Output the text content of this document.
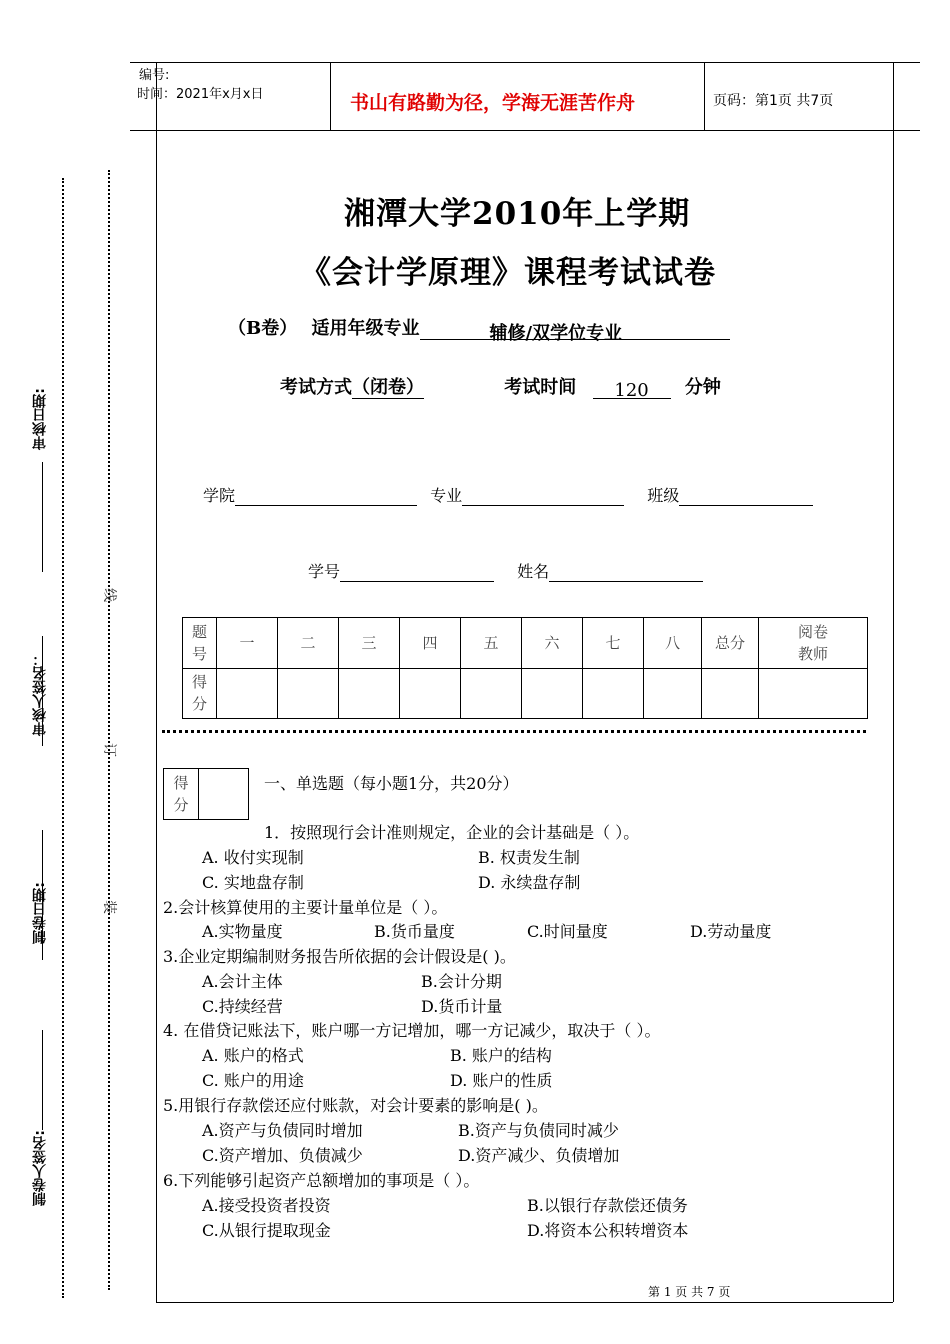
编号:
时间：2021年x月x日	书山有路勤为径，学海无涯苦作舟	页码：第1页 共7页
审核日期:
审核人签名：
制卷日期:
制卷人签名:
线
订
装
湘潭大学2010年上学期
《会计学原理》课程考试试卷
（B卷） 适用年级专业	辅修/双学位专业
考试方式（闭卷）	考试时间 120 分钟
学院	专业	班级
学号	姓名
题号	一	二	三	四	五	六	七	八	总分	阅卷教师
得分										
得分
一、单选题（每小题1分，共20分）
1．按照现行会计准则规定，企业的会计基础是（ ）。
A. 收付实现制	B. 权责发生制
C. 实地盘存制	D. 永续盘存制
2.会计核算使用的主要计量单位是（ ）。
A.实物量度	B.货币量度	C.时间量度	D.劳动量度
3.企业定期编制财务报告所依据的会计假设是( )。
A.会计主体	B.会计分期
C.持续经营	D.货币计量
4. 在借贷记账法下，账户哪一方记增加，哪一方记减少，取决于（ ）。
A. 账户的格式	B. 账户的结构
C. 账户的用途	D. 账户的性质
5.用银行存款偿还应付账款，对会计要素的影响是( )。
A.资产与负债同时增加	B.资产与负债同时减少
C.资产增加、负债减少	D.资产减少、负债增加
6.下列能够引起资产总额增加的事项是（ ）。
A.接受投资者投资	B.以银行存款偿还债务
C.从银行提取现金	D.将资本公积转增资本
第 1 页 共 7 页
